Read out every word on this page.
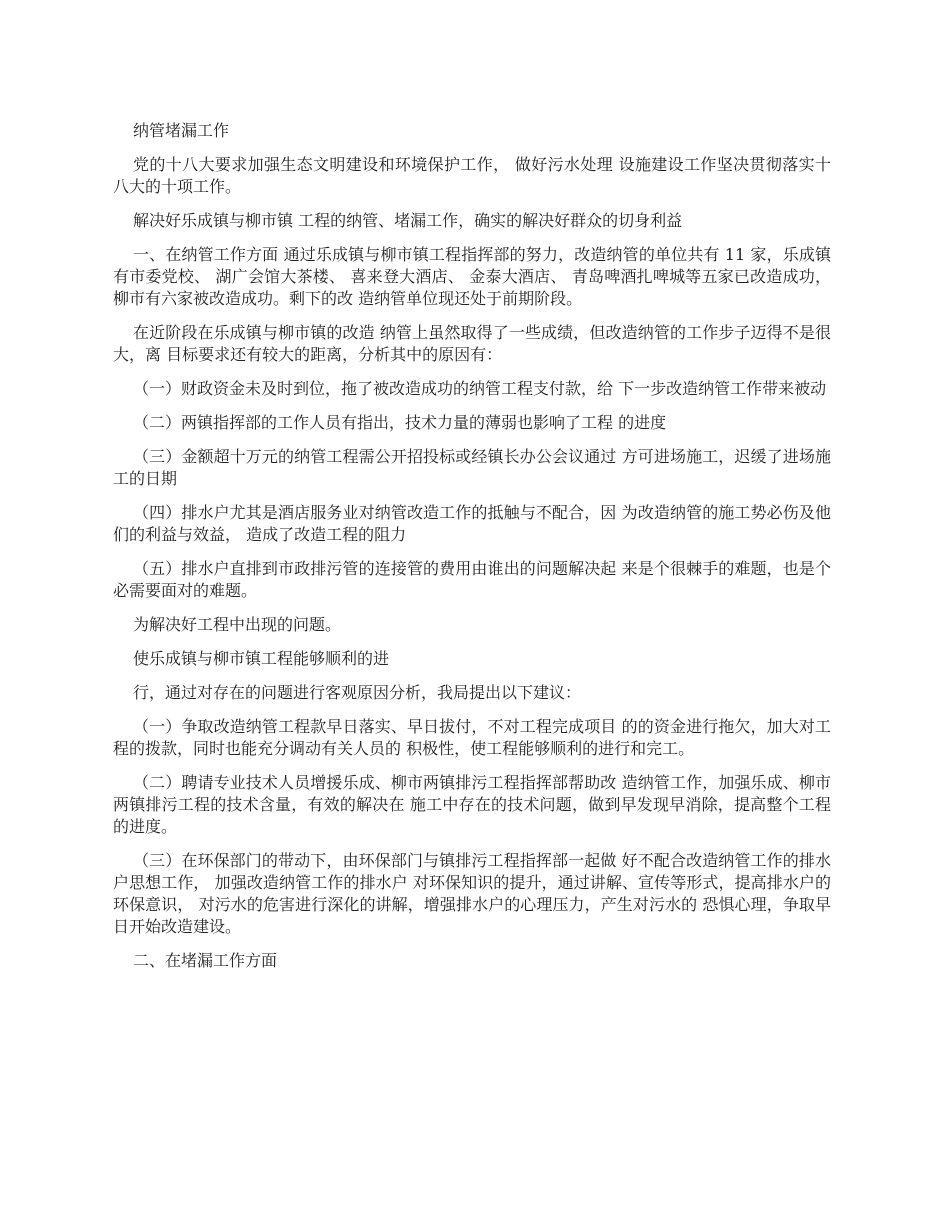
纳管堵漏工作

党的十八大要求加强生态文明建设和环境保护工作， 做好污水处理 设施建设工作坚决贯彻落实十八大的十项工作。

解决好乐成镇与柳市镇 工程的纳管、堵漏工作，确实的解决好群众的切身利益

一、在纳管工作方面 通过乐成镇与柳市镇工程指挥部的努力，改造纳管的单位共有 11 家，乐成镇有市委党校、 湖广会馆大茶楼、 喜来登大酒店、 金泰大酒店、 青岛啤酒扎啤城等五家已改造成功，柳市有六家被改造成功。剩下的改 造纳管单位现还处于前期阶段。

在近阶段在乐成镇与柳市镇的改造 纳管上虽然取得了一些成绩，但改造纳管的工作步子迈得不是很大，离 目标要求还有较大的距离，分析其中的原因有：

（一）财政资金未及时到位，拖了被改造成功的纳管工程支付款，给 下一步改造纳管工作带来被动

（二）两镇指挥部的工作人员有指出，技术力量的薄弱也影响了工程 的进度

（三）金额超十万元的纳管工程需公开招投标或经镇长办公会议通过 方可进场施工，迟缓了进场施工的日期

（四）排水户尤其是酒店服务业对纳管改造工作的抵触与不配合，因 为改造纳管的施工势必伤及他们的利益与效益， 造成了改造工程的阻力

（五）排水户直排到市政排污管的连接管的费用由谁出的问题解决起 来是个很棘手的难题，也是个必需要面对的难题。

为解决好工程中出现的问题。

使乐成镇与柳市镇工程能够顺利的进

行，通过对存在的问题进行客观原因分析，我局提出以下建议：

（一）争取改造纳管工程款早日落实、早日拔付，不对工程完成项目 的的资金进行拖欠，加大对工程的拨款，同时也能充分调动有关人员的 积极性，使工程能够顺利的进行和完工。

（二）聘请专业技术人员增援乐成、柳市两镇排污工程指挥部帮助改 造纳管工作，加强乐成、柳市两镇排污工程的技术含量，有效的解决在 施工中存在的技术问题，做到早发现早消除，提高整个工程的进度。

（三）在环保部门的带动下，由环保部门与镇排污工程指挥部一起做 好不配合改造纳管工作的排水户思想工作， 加强改造纳管工作的排水户 对环保知识的提升，通过讲解、宣传等形式，提高排水户的环保意识， 对污水的危害进行深化的讲解，增强排水户的心理压力，产生对污水的 恐惧心理，争取早日开始改造建设。

二、在堵漏工作方面
